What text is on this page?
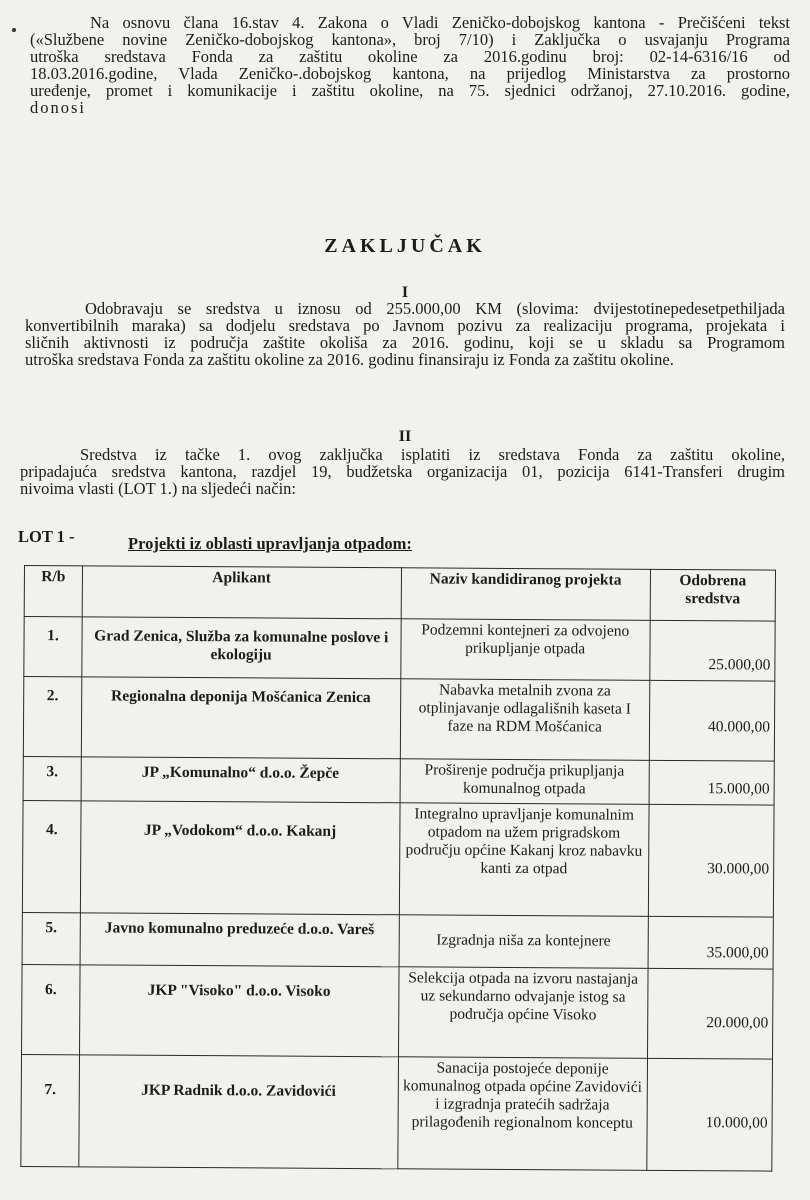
Na osnovu člana 16.stav 4. Zakona o Vladi Zeničko-dobojskog kantona - Prečišćeni tekst
(«Službene novine Zeničko-dobojskog kantona», broj 7/10) i Zaključka o usvajanju Programa
utroška sredstava Fonda za zaštitu okoline za 2016.godinu broj: 02-14-6316/16 od
18.03.2016.godine, Vlada Zeničko-.dobojskog kantona, na prijedlog Ministarstva za prostorno
uređenje, promet i komunikacije i zaštitu okoline, na 75. sjednici održanoj, 27.10.2016. godine,
donosi
ZAKLJUČAK
I
Odobravaju se sredstva u iznosu od 255.000,00 KM (slovima: dvijestotinepedesetpethiljada
konvertibilnih maraka) sa dodjelu sredstava po Javnom pozivu za realizaciju programa, projekata i
sličnih aktivnosti iz područja zaštite okoliša za 2016. godinu, koji se u skladu sa Programom
utroška sredstava Fonda za zaštitu okoline za 2016. godinu finansiraju iz Fonda za zaštitu okoline.
II
Sredstva iz tačke 1. ovog zaključka isplatiti iz sredstava Fonda za zaštitu okoline,
pripadajuća sredstva kantona, razdjel 19, budžetska organizacija 01, pozicija 6141-Transferi drugim
nivoima vlasti (LOT 1.) na sljedeći način:
LOT 1 -	Projekti iz oblasti upravljanja otpadom:
R/b	Aplikant	Naziv kandidiranog projekta	Odobrena sredstva

1.	Grad Zenica, Služba za komunalne poslove i ekologiju	Podzemni kontejneri za odvojeno prikupljanje otpada	25.000,00

2.	Regionalna deponija Mošćanica Zenica	Nabavka metalnih zvona za otplinjavanje odlagališnih kaseta I faze na RDM Mošćanica	40.000,00

3.	JP „Komunalno“ d.o.o. Žepče	Proširenje područja prikupljanja komunalnog otpada	15.000,00

4.	JP „Vodokom“ d.o.o. Kakanj	Integralno upravljanje komunalnim otpadom na užem prigradskom području općine Kakanj kroz nabavku kanti za otpad	30.000,00

5.	Javno komunalno preduzeće d.o.o. Vareš	Izgradnja niša za kontejnere	35.000,00

6.	JKP "Visoko" d.o.o. Visoko	Selekcija otpada na izvoru nastajanja uz sekundarno odvajanje istog sa područja općine Visoko	20.000,00

7.	JKP Radnik d.o.o. Zavidovići	Sanacija postojeće deponije komunalnog otpada općine Zavidovići i izgradnja pratećih sadržaja prilagođenih regionalnom konceptu	10.000,00
